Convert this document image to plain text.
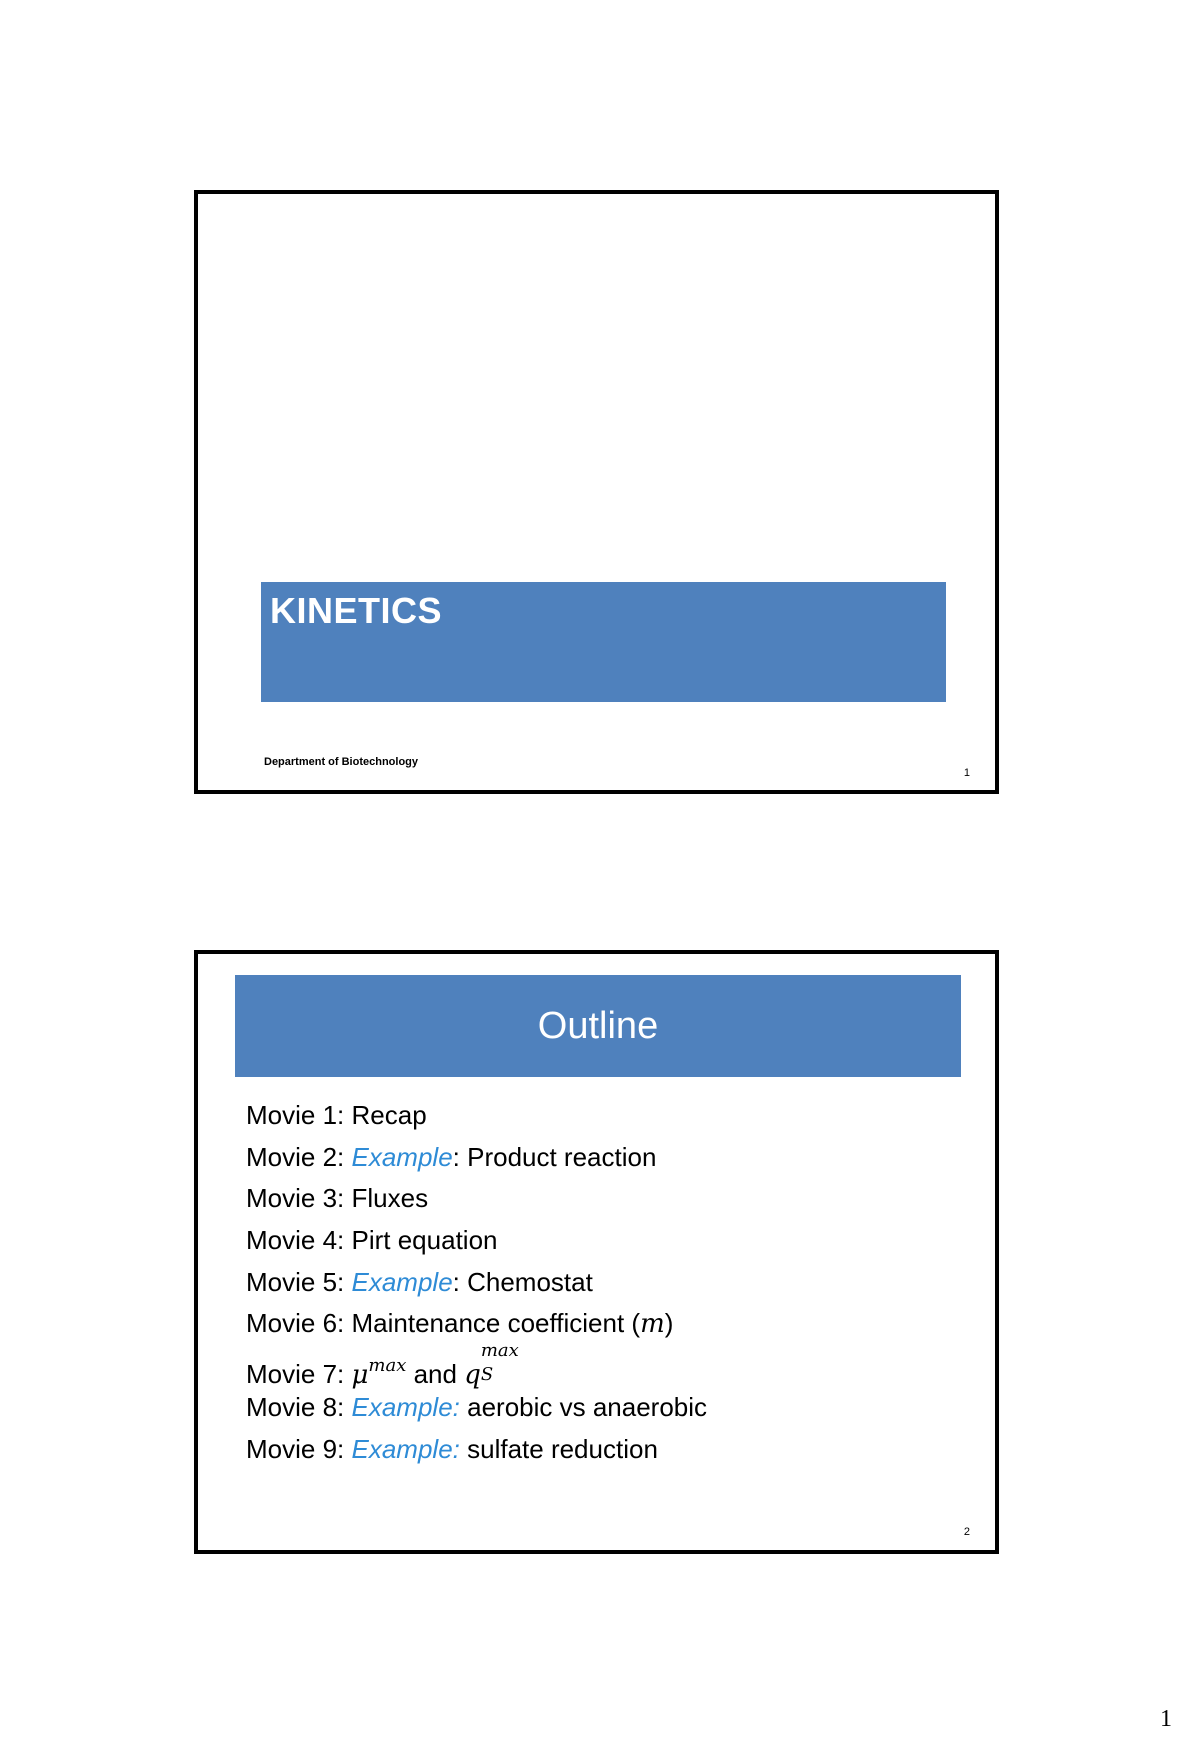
KINETICS
Department of Biotechnology
1
Outline
Movie 1: Recap
Movie 2: Example: Product reaction
Movie 3: Fluxes
Movie 4: Pirt equation
Movie 5: Example: Chemostat
Movie 6: Maintenance coefficient (m)
Movie 7: $\mu^{max}$ and q
max
S
Movie 8: Example: aerobic vs anaerobic
Movie 9: Example: sulfate reduction
2
1
